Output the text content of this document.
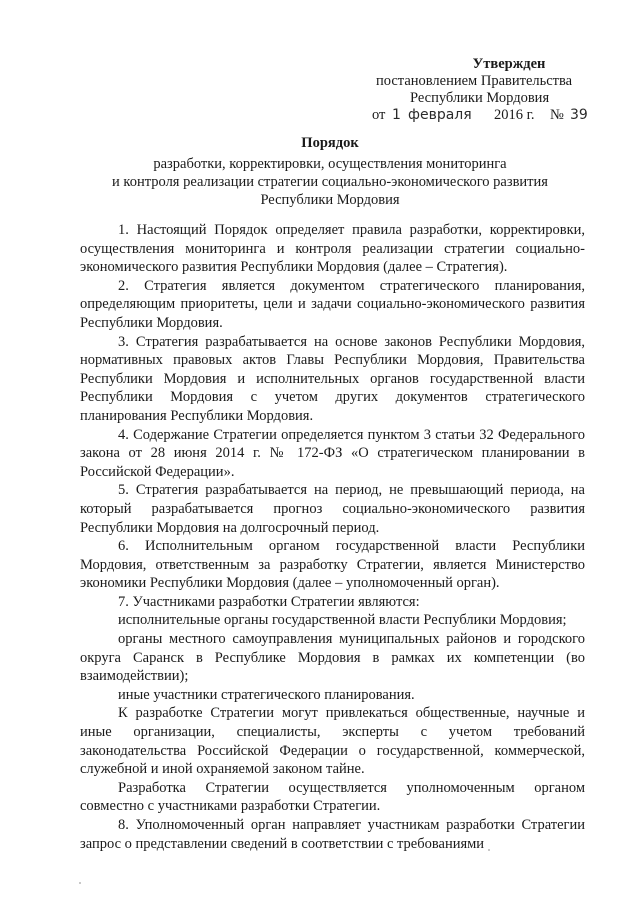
Утвержден
постановлением Правительства
Республики Мордовия
от 1 февраля	2016 г.	№ 39
Порядок
разработки, корректировки, осуществления мониторинга
и контроля реализации стратегии социально-экономического развития
Республики Мордовия

1. Настоящий Порядок определяет правила разработки, корректировки, осуществления мониторинга и контроля реализации стратегии социально-экономического развития Республики Мордовия (далее – Стратегия).

2. Стратегия является документом стратегического планирования, определяющим приоритеты, цели и задачи социально-экономического развития Республики Мордовия.

3. Стратегия разрабатывается на основе законов Республики Мордовия, нормативных правовых актов Главы Республики Мордовия, Правительства Республики Мордовия и исполнительных органов государственной власти Республики Мордовия с учетом других документов стратегического планирования Республики Мордовия.

4. Содержание Стратегии определяется пунктом 3 статьи 32 Федерального закона от 28 июня 2014 г. № 172-ФЗ «О стратегическом планировании в Российской Федерации».

5. Стратегия разрабатывается на период, не превышающий периода, на который разрабатывается прогноз социально-экономического развития Республики Мордовия на долгосрочный период.

6. Исполнительным органом государственной власти Республики Мордовия, ответственным за разработку Стратегии, является Министерство экономики Республики Мордовия (далее – уполномоченный орган).

7. Участниками разработки Стратегии являются:

исполнительные органы государственной власти Республики Мордовия;

органы местного самоуправления муниципальных районов и городского округа Саранск в Республике Мордовия в рамках их компетенции (во взаимодействии);

иные участники стратегического планирования.

К разработке Стратегии могут привлекаться общественные, научные и иные организации, специалисты, эксперты с учетом требований законодательства Российской Федерации о государственной, коммерческой, служебной и иной охраняемой законом тайне.

Разработка Стратегии осуществляется уполномоченным органом совместно с участниками разработки Стратегии.

8. Уполномоченный орган направляет участникам разработки Стратегии запрос о представлении сведений в соответствии с требованиями
